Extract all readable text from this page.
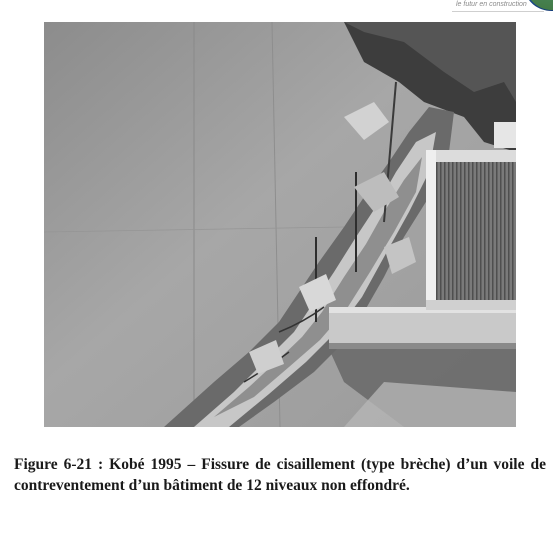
le futur en construction
Figure 6-21 : Kobé 1995 – Fissure de cisaillement (type brèche) d’un voile de contreventement d’un bâtiment de 12 niveaux non effondré.
